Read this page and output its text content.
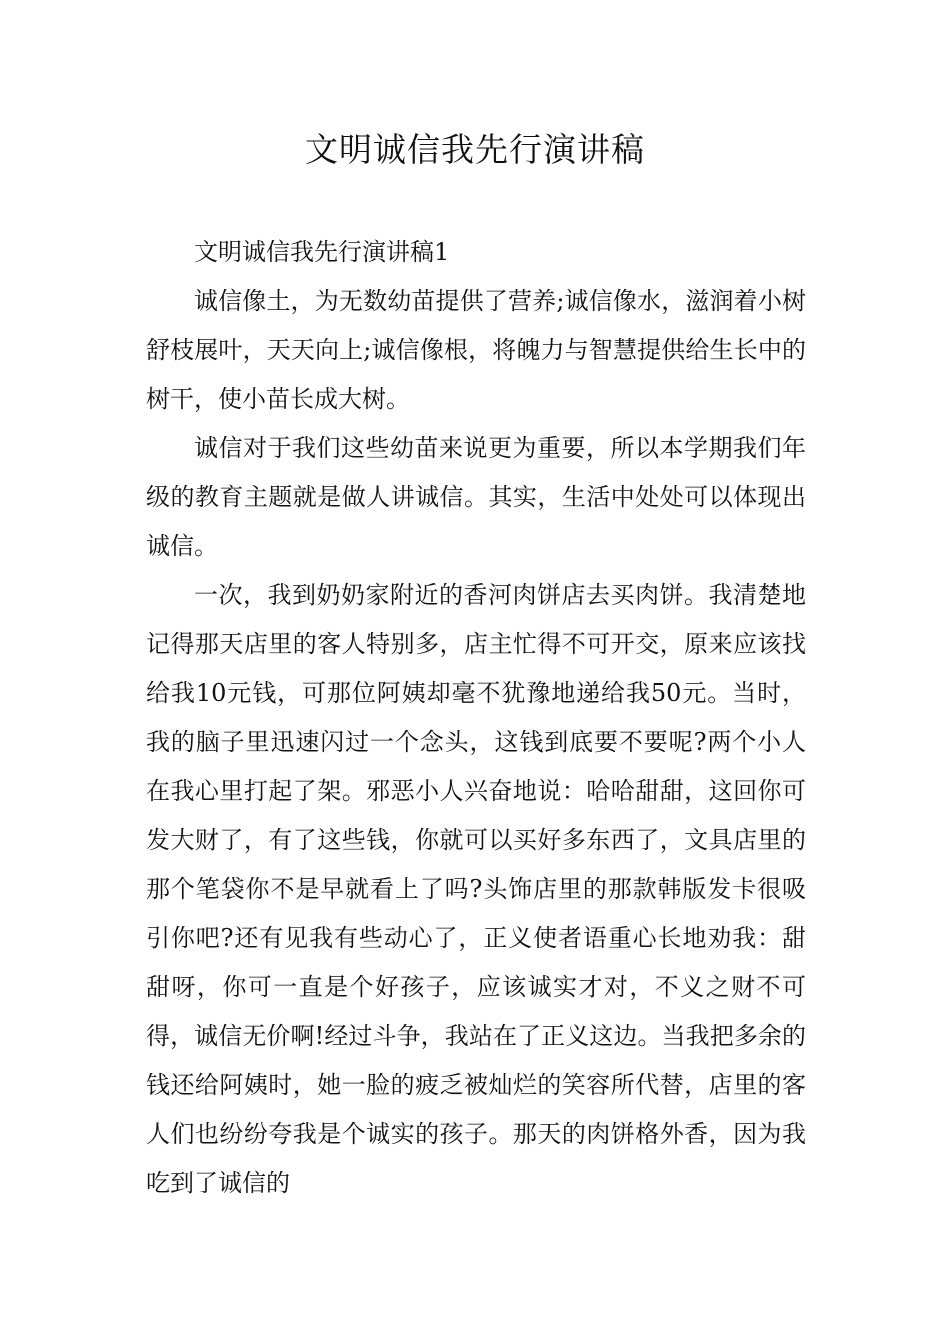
文明诚信我先行演讲稿

文明诚信我先行演讲稿1

诚信像土，为无数幼苗提供了营养;诚信像水，滋润着小树舒枝展叶，天天向上;诚信像根，将魄力与智慧提供给生长中的树干，使小苗长成大树。

诚信对于我们这些幼苗来说更为重要，所以本学期我们年级的教育主题就是做人讲诚信。其实，生活中处处可以体现出诚信。

一次，我到奶奶家附近的香河肉饼店去买肉饼。我清楚地记得那天店里的客人特别多，店主忙得不可开交，原来应该找给我10元钱，可那位阿姨却毫不犹豫地递给我50元。当时，我的脑子里迅速闪过一个念头，这钱到底要不要呢?两个小人在我心里打起了架。邪恶小人兴奋地说：哈哈甜甜，这回你可发大财了，有了这些钱，你就可以买好多东西了，文具店里的那个笔袋你不是早就看上了吗?头饰店里的那款韩版发卡很吸引你吧?还有见我有些动心了，正义使者语重心长地劝我：甜甜呀，你可一直是个好孩子，应该诚实才对，不义之财不可得，诚信无价啊!经过斗争，我站在了正义这边。当我把多余的钱还给阿姨时，她一脸的疲乏被灿烂的笑容所代替，店里的客人们也纷纷夸我是个诚实的孩子。那天的肉饼格外香，因为我吃到了诚信的
